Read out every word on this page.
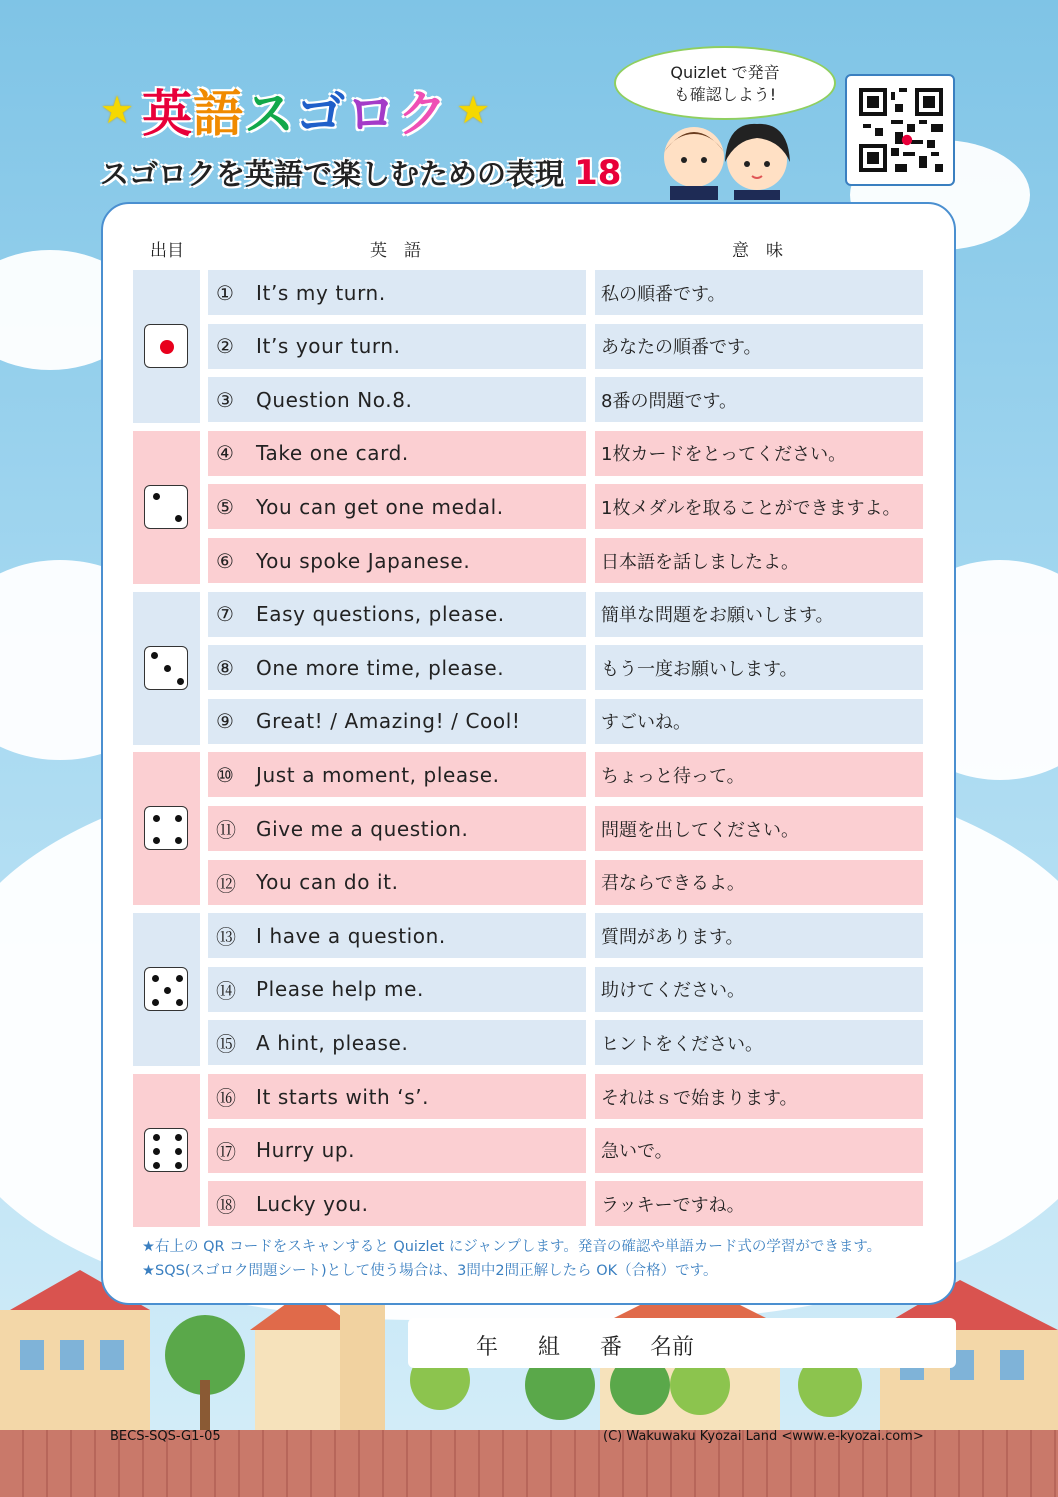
★ 英語スゴロク ★
スゴロクを英語で楽しむための表現 18
Quizlet で発音
も確認しよう!
出目	英　語	意　味
①	It’s my turn.	私の順番です。
②	It’s your turn.	あなたの順番です。
③	Question No.8.	8番の問題です。
④	Take one card.	1枚カードをとってください。
⑤	You can get one medal.	1枚メダルを取ることができますよ。
⑥	You spoke Japanese.	日本語を話しましたよ。
⑦	Easy questions, please.	簡単な問題をお願いします。
⑧	One more time, please.	もう一度お願いします。
⑨	Great! / Amazing! / Cool!	すごいね。
⑩	Just a moment, please.	ちょっと待って。
⑪ Give me a question.	問題を出してください。
⑫ You can do it.	君ならできるよ。
⑬ I have a question.	質問があります。
⑭ Please help me.	助けてください。
⑮ A hint, please.	ヒントをください。
⑯ It starts with ‘s’.	それはｓで始まります。
⑰ Hurry up.	急いで。
⑱ Lucky you.	ラッキーですね。
★右上の QR コードをスキャンすると Quizlet にジャンプします。発音の確認や単語カード式の学習ができます。
★SQS(スゴロク問題シート)として使う場合は、3問中2問正解したら OK（合格）です。
年 組 番 名前
BECS-SQS-G1-05	(C) Wakuwaku Kyozai Land <www.e-kyozai.com>
